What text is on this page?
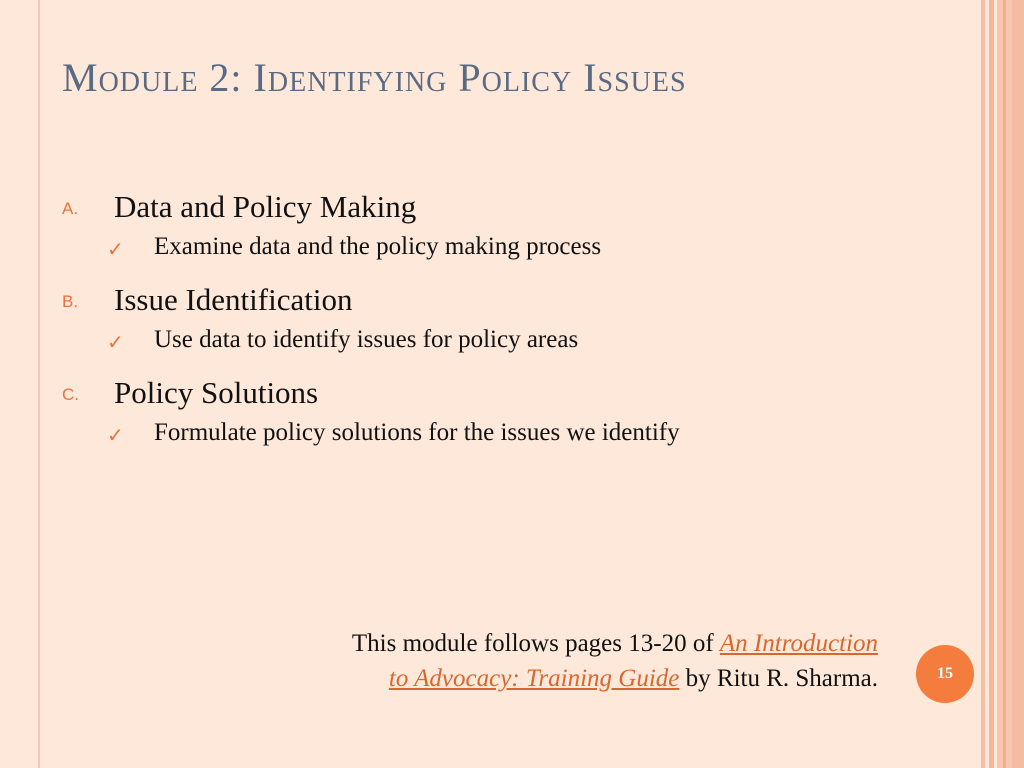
Module 2: Identifying Policy Issues
A. Data and Policy Making
✓ Examine data and the policy making process
B. Issue Identification
✓ Use data to identify issues for policy areas
C. Policy Solutions
✓ Formulate policy solutions for the issues we identify
This module follows pages 13-20 of An Introduction
to Advocacy: Training Guide by Ritu R. Sharma.	15
